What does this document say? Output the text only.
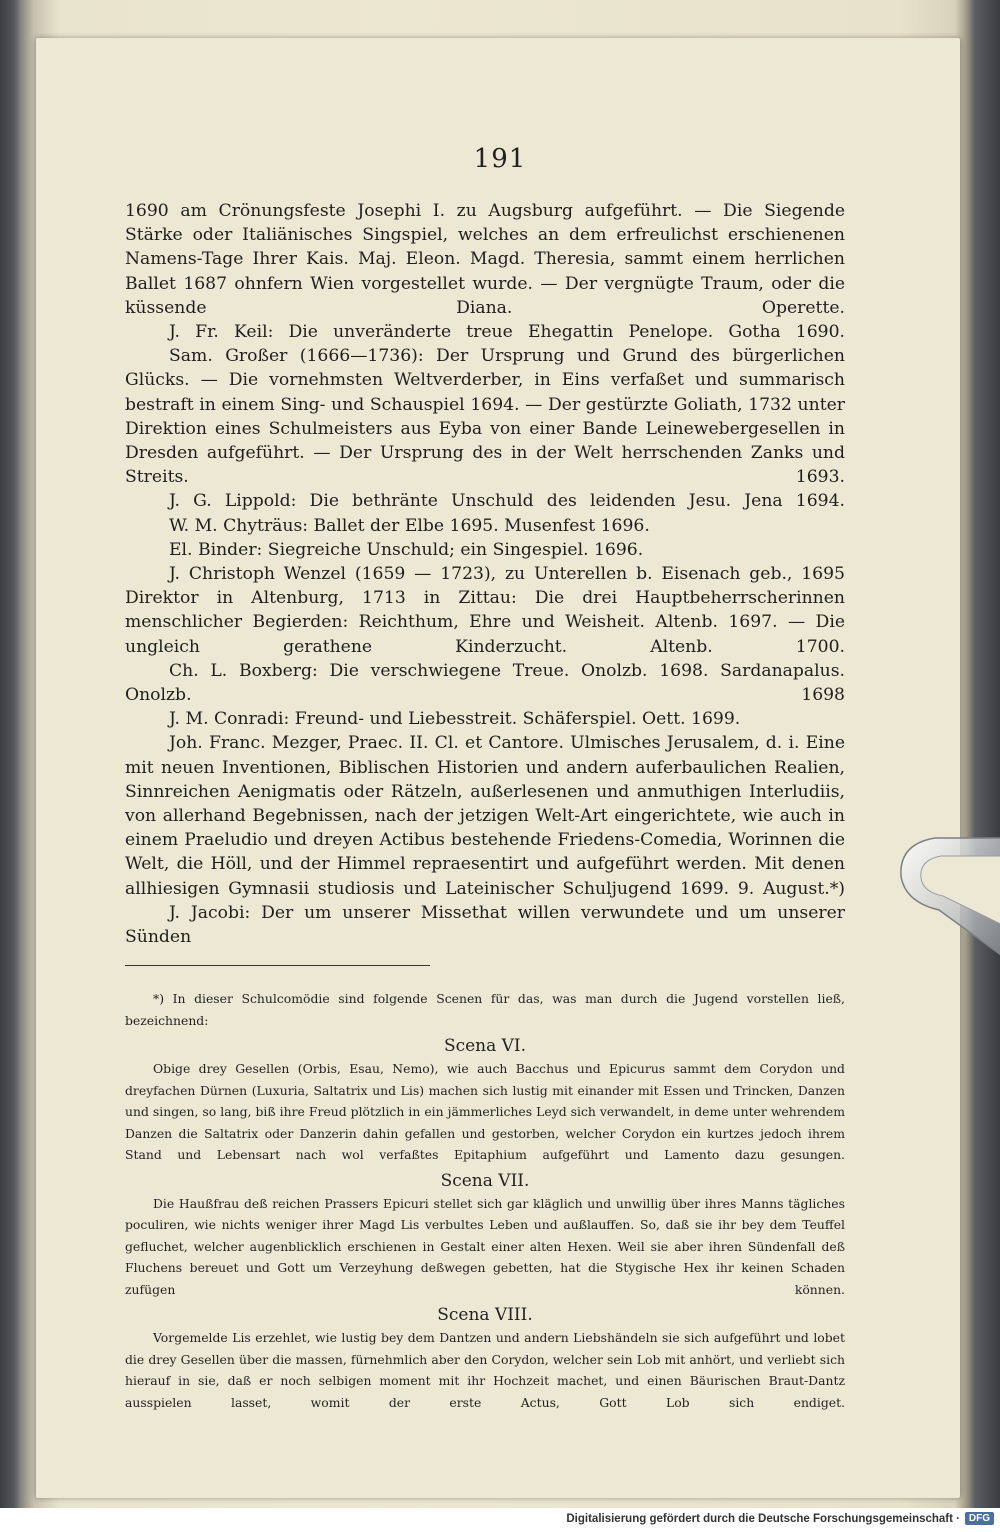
191

1690 am Crönungsfeste Josephi I. zu Augsburg aufgeführt. — Die Siegende Stärke oder Italiänisches Singspiel, welches an dem erfreulichst erschienenen Namens-Tage Ihrer Kais. Maj. Eleon. Magd. Theresia, sammt einem herrlichen Ballet 1687 ohnfern Wien vorgestellet wurde. — Der vergnügte Traum, oder die küssende Diana. Operette.

J. Fr. Keil: Die unveränderte treue Ehegattin Penelope. Gotha 1690.

Sam. Großer (1666—1736): Der Ursprung und Grund des bürgerlichen Glücks. — Die vornehmsten Weltverderber, in Eins verfaßet und summarisch bestraft in einem Sing- und Schauspiel 1694. — Der gestürzte Goliath, 1732 unter Direktion eines Schulmeisters aus Eyba von einer Bande Leinewebergesellen in Dresden aufgeführt. — Der Ursprung des in der Welt herrschenden Zanks und Streits. 1693.

J. G. Lippold: Die bethränte Unschuld des leidenden Jesu. Jena 1694.

W. M. Chyträus: Ballet der Elbe 1695. Musenfest 1696.

El. Binder: Siegreiche Unschuld; ein Singespiel. 1696.

J. Christoph Wenzel (1659 — 1723), zu Unterellen b. Eisenach geb., 1695 Direktor in Altenburg, 1713 in Zittau: Die drei Hauptbeherrscherinnen menschlicher Begierden: Reichthum, Ehre und Weisheit. Altenb. 1697. — Die ungleich gerathene Kinderzucht. Altenb. 1700.

Ch. L. Boxberg: Die verschwiegene Treue. Onolzb. 1698. Sardanapalus. Onolzb. 1698

J. M. Conradi: Freund- und Liebesstreit. Schäferspiel. Oett. 1699.

Joh. Franc. Mezger, Praec. II. Cl. et Cantore. Ulmisches Jerusalem, d. i. Eine mit neuen Inventionen, Biblischen Historien und andern auferbaulichen Realien, Sinnreichen Aenigmatis oder Rätzeln, außerlesenen und anmuthigen Interludiis, von allerhand Begebnissen, nach der jetzigen Welt-Art eingerichtete, wie auch in einem Praeludio und dreyen Actibus bestehende Friedens-Comedia, Worinnen die Welt, die Höll, und der Himmel repraesentirt und aufgeführt werden. Mit denen allhiesigen Gymnasii studiosis und Lateinischer Schuljugend 1699. 9. August.*)

J. Jacobi: Der um unserer Missethat willen verwundete und um unserer Sünden

*) In dieser Schulcomödie sind folgende Scenen für das, was man durch die Jugend vorstellen ließ, bezeichnend:

Scena VI.

Obige drey Gesellen (Orbis, Esau, Nemo), wie auch Bacchus und Epicurus sammt dem Corydon und dreyfachen Dürnen (Luxuria, Saltatrix und Lis) machen sich lustig mit einander mit Essen und Trincken, Danzen und singen, so lang, biß ihre Freud plötzlich in ein jämmerliches Leyd sich verwandelt, in deme unter wehrendem Danzen die Saltatrix oder Danzerin dahin gefallen und gestorben, welcher Corydon ein kurtzes jedoch ihrem Stand und Lebensart nach wol verfaßtes Epitaphium aufgeführt und Lamento dazu gesungen.

Scena VII.

Die Haußfrau deß reichen Prassers Epicuri stellet sich gar kläglich und unwillig über ihres Manns tägliches poculiren, wie nichts weniger ihrer Magd Lis verbultes Leben und außlauffen. So, daß sie ihr bey dem Teuffel gefluchet, welcher augenblicklich erschienen in Gestalt einer alten Hexen. Weil sie aber ihren Sündenfall deß Fluchens bereuet und Gott um Verzeyhung deßwegen gebetten, hat die Stygische Hex ihr keinen Schaden zufügen können.

Scena VIII.

Vorgemelde Lis erzehlet, wie lustig bey dem Dantzen und andern Liebshändeln sie sich aufgeführt und lobet die drey Gesellen über die massen, fürnehmlich aber den Corydon, welcher sein Lob mit anhört, und verliebt sich hierauf in sie, daß er noch selbigen moment mit ihr Hochzeit machet, und einen Bäurischen Braut-Dantz ausspielen lasset, womit der erste Actus, Gott Lob sich endiget.

Digitalisierung gefördert durch die Deutsche Forschungsgemeinschaft · DFG
